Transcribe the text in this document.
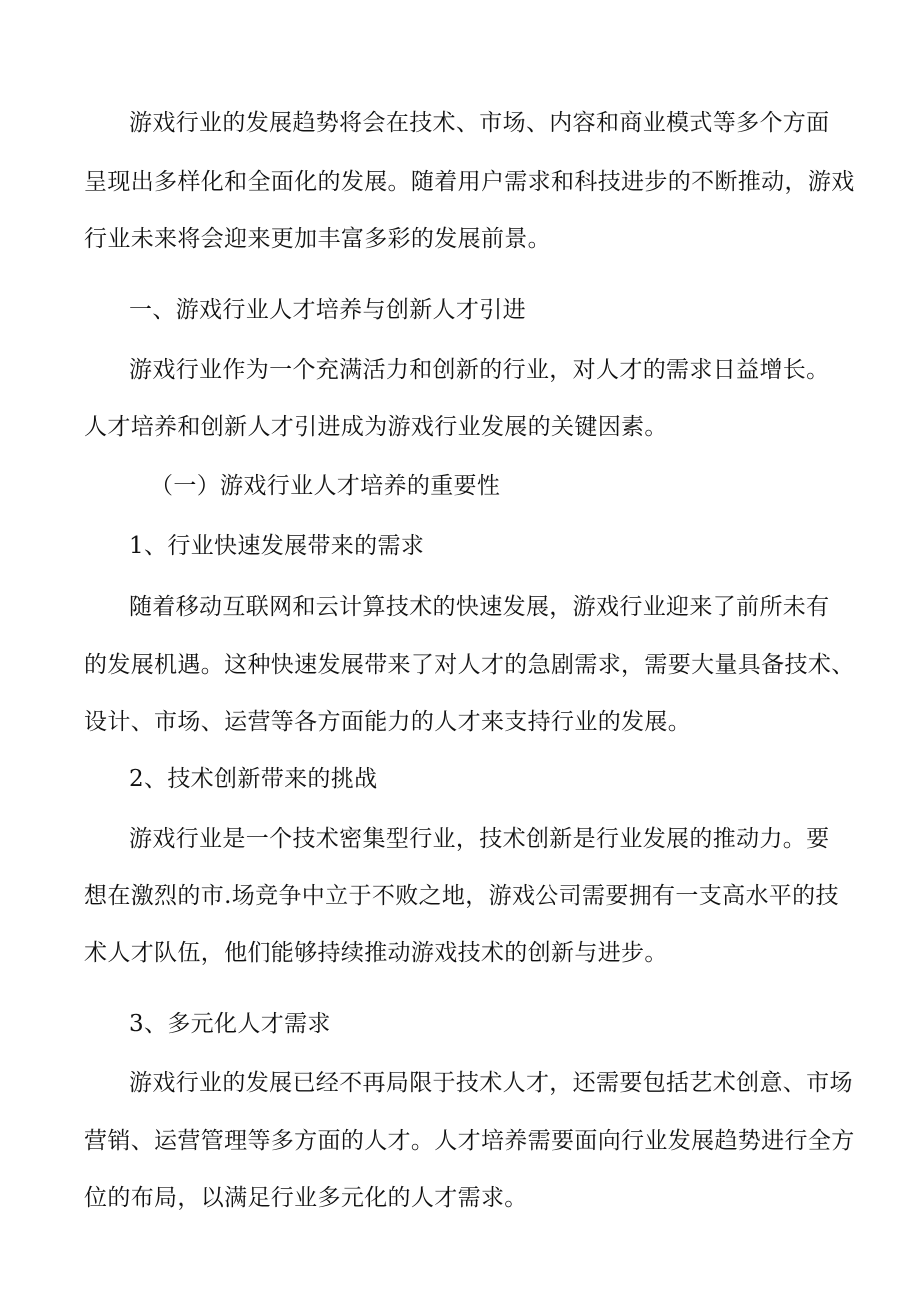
游戏行业的发展趋势将会在技术、市场、内容和商业模式等多个方面
呈现出多样化和全面化的发展。随着用户需求和科技进步的不断推动，游戏
行业未来将会迎来更加丰富多彩的发展前景。
一、游戏行业人才培养与创新人才引进
游戏行业作为一个充满活力和创新的行业，对人才的需求日益增长。
人才培养和创新人才引进成为游戏行业发展的关键因素。
（一）游戏行业人才培养的重要性
1、行业快速发展带来的需求
随着移动互联网和云计算技术的快速发展，游戏行业迎来了前所未有
的发展机遇。这种快速发展带来了对人才的急剧需求，需要大量具备技术、
设计、市场、运营等各方面能力的人才来支持行业的发展。
2、技术创新带来的挑战
游戏行业是一个技术密集型行业，技术创新是行业发展的推动力。要
想在激烈的市.场竞争中立于不败之地，游戏公司需要拥有一支高水平的技
术人才队伍，他们能够持续推动游戏技术的创新与进步。
3、多元化人才需求
游戏行业的发展已经不再局限于技术人才，还需要包括艺术创意、市场
营销、运营管理等多方面的人才。人才培养需要面向行业发展趋势进行全方
位的布局，以满足行业多元化的人才需求。
